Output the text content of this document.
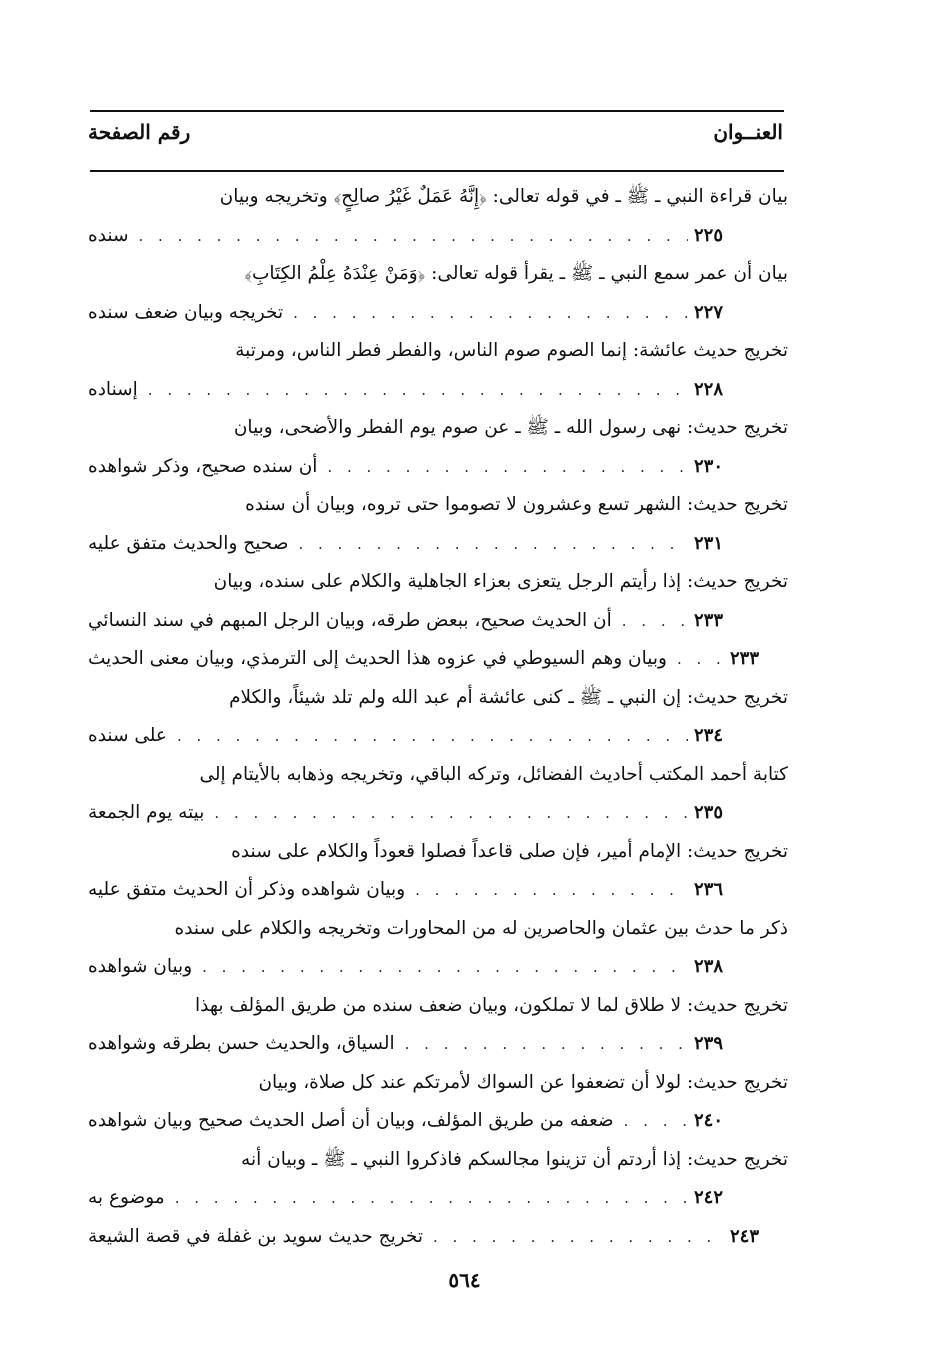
العنــوان
رقم الصفحة
بيان قراءة النبي ـ ﷺ ـ في قوله تعالى: ﴿إِنَّهُ عَمَلٌ غَيْرُ صالِحٍ﴾ وتخريجه وبيان
سنده . . .	٢٢٥
بيان أن عمر سمع النبي ـ ﷺ ـ يقرأ قوله تعالى: ﴿وَمَنْ عِنْدَهُ عِلْمُ الكِتَابِ﴾
تخريجه وبيان ضعف سنده . . .	٢٢٧
تخريج حديث عائشة: إنما الصوم صوم الناس، والفطر فطر الناس، ومرتبة
إسناده . . .	٢٢٨
تخريج حديث: نهى رسول الله ـ ﷺ ـ عن صوم يوم الفطر والأضحى، وبيان
أن سنده صحيح، وذكر شواهده . . .	٢٣٠
تخريج حديث: الشهر تسع وعشرون لا تصوموا حتى تروه، وبيان أن سنده
صحيح والحديث متفق عليه . . .	٢٣١
تخريج حديث: إذا رأيتم الرجل يتعزى بعزاء الجاهلية والكلام على سنده، وبيان
أن الحديث صحيح، ببعض طرقه، وبيان الرجل المبهم في سند النسائي . . .	٢٣٣
وبيان وهم السيوطي في عزوه هذا الحديث إلى الترمذي، وبيان معنى الحديث . . .	٢٣٣
تخريج حديث: إن النبي ـ ﷺ ـ كنى عائشة أم عبد الله ولم تلد شيئاً، والكلام
على سنده . . .	٢٣٤
كتابة أحمد المكتب أحاديث الفضائل، وتركه الباقي، وتخريجه وذهابه بالأيتام إلى
بيته يوم الجمعة . . .	٢٣٥
تخريج حديث: الإمام أمير، فإن صلى قاعداً فصلوا قعوداً والكلام على سنده
وبيان شواهده وذكر أن الحديث متفق عليه . . .	٢٣٦
ذكر ما حدث بين عثمان والحاصرين له من المحاورات وتخريجه والكلام على سنده
وبيان شواهده . . .	٢٣٨
تخريج حديث: لا طلاق لما لا تملكون، وبيان ضعف سنده من طريق المؤلف بهذا
السياق، والحديث حسن بطرقه وشواهده . . .	٢٣٩
تخريج حديث: لولا أن تضعفوا عن السواك لأمرتكم عند كل صلاة، وبيان
ضعفه من طريق المؤلف، وبيان أن أصل الحديث صحيح وبيان شواهده . . .	٢٤٠
تخريج حديث: إذا أردتم أن تزينوا مجالسكم فاذكروا النبي ـ ﷺ ـ وبيان أنه
موضوع به . . .	٢٤٢
تخريج حديث سويد بن غفلة في قصة الشيعة . . .	٢٤٣
٥٦٤
